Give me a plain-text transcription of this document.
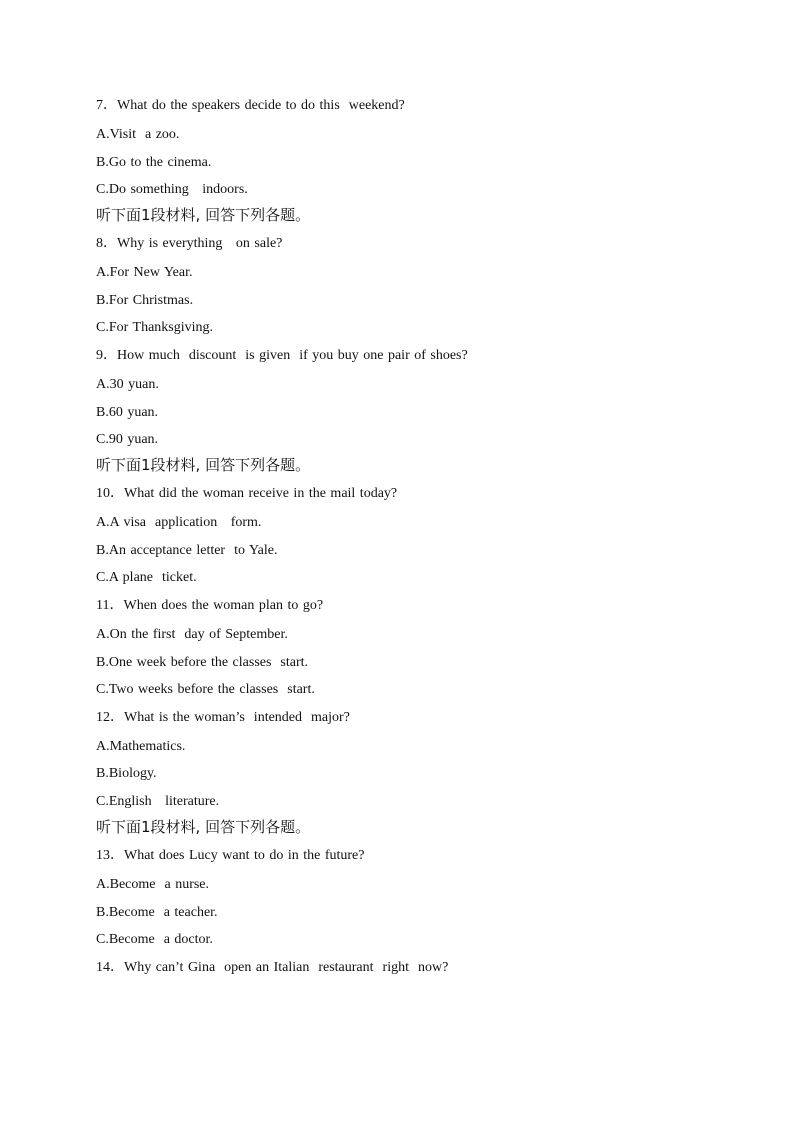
7．What do the speakers decide to do this  weekend?
A.Visit  a zoo.
B.Go to the cinema.
C.Do something   indoors.
听下面1段材料, 回答下列各题。
8．Why is everything   on sale?
A.For New Year.
B.For Christmas.
C.For Thanksgiving.
9．How much  discount  is given  if you buy one pair of shoes?
A.30 yuan.
B.60 yuan.
C.90 yuan.
听下面1段材料, 回答下列各题。
10．What did the woman receive in the mail today?
A.A visa  application   form.
B.An acceptance letter  to Yale.
C.A plane  ticket.
11．When does the woman plan to go?
A.On the first  day of September.
B.One week before the classes  start.
C.Two weeks before the classes  start.
12．What is the woman’s  intended  major?
A.Mathematics.
B.Biology.
C.English   literature.
听下面1段材料, 回答下列各题。
13．What does Lucy want to do in the future?
A.Become  a nurse.
B.Become  a teacher.
C.Become  a doctor.
14．Why can’t Gina  open an Italian  restaurant  right  now?
